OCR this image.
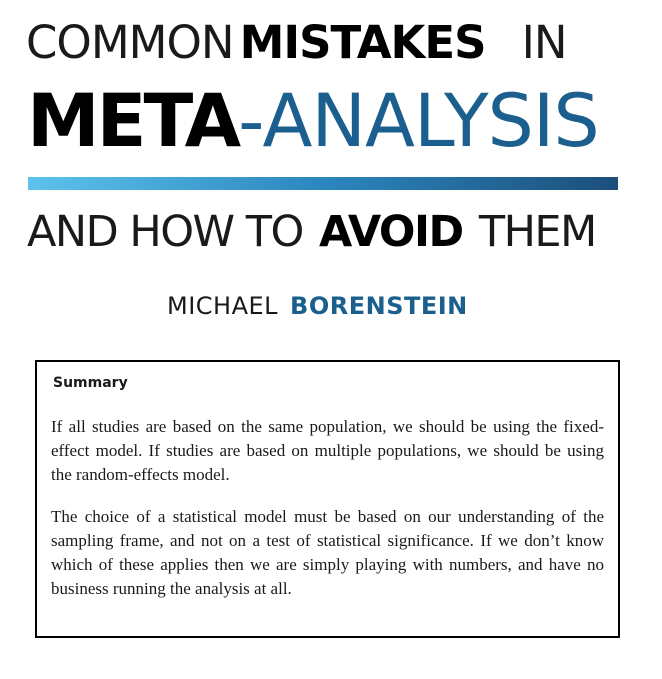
COMMON MISTAKES IN
META-ANALYSIS
AND HOW TO AVOID THEM
MICHAEL BORENSTEIN
Summary

If all studies are based on the same population, we should be using the fixed-effect model. If studies are based on multiple populations, we should be using the random-effects model.

The choice of a statistical model must be based on our understanding of the sampling frame, and not on a test of statistical significance. If we don’t know which of these applies then we are simply playing with numbers, and have no business running the analysis at all.
